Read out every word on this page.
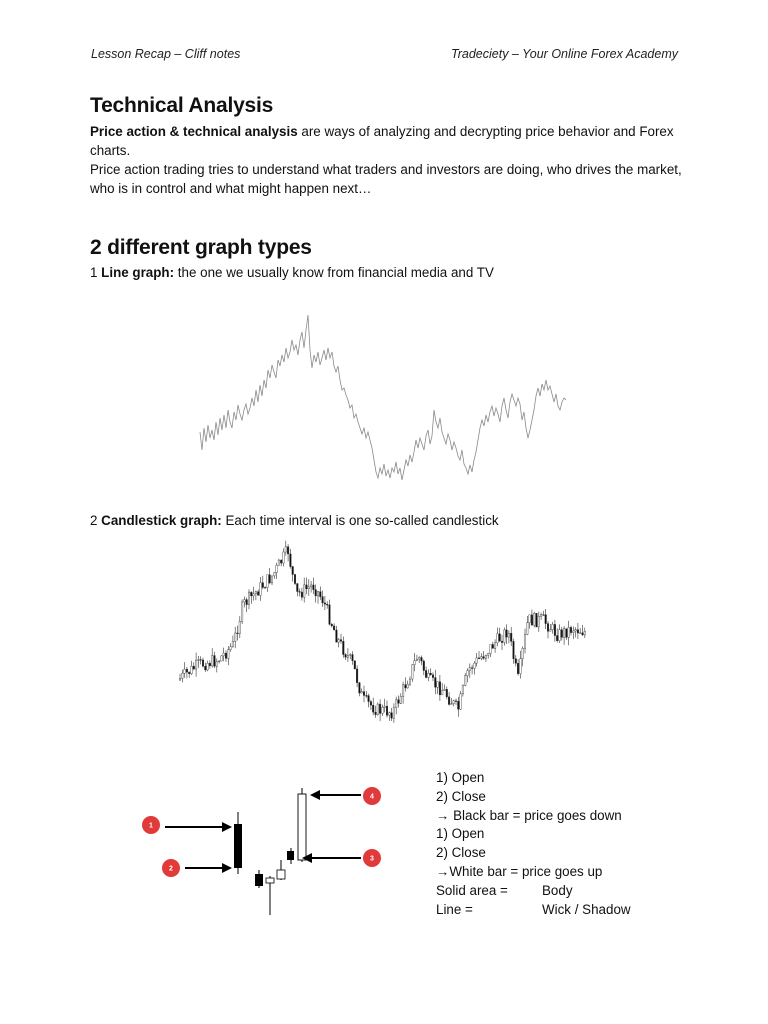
Lesson Recap – Cliff notes	Tradeciety – Your Online Forex Academy
Technical Analysis
Price action & technical analysis are ways of analyzing and decrypting price behavior and Forex charts.
Price action trading tries to understand what traders and investors are doing, who drives the market, who is in control and what might happen next…
2 different graph types
1 Line graph: the one we usually know from financial media and TV
2 Candlestick graph: Each time interval is one so-called candlestick
1
2
3
4
1) Open
2) Close
→ Black bar = price goes down
1) Open
2) Close
→White bar = price goes up
Solid area =	Body
Line =	Wick / Shadow
